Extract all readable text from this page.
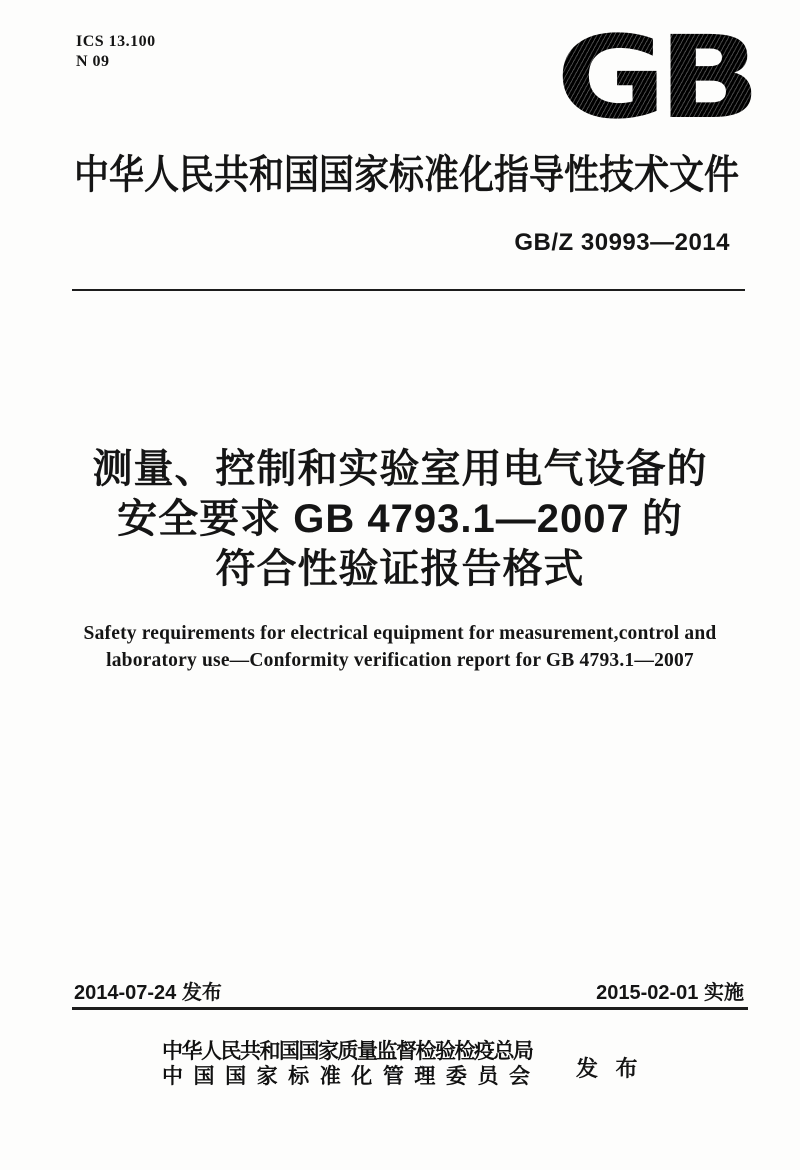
ICS 13.100
N 09	GB
中华人民共和国国家标准化指导性技术文件
GB/Z 30993—2014
测量、控制和实验室用电气设备的
安全要求 GB 4793.1—2007 的
符合性验证报告格式
Safety requirements for electrical equipment for measurement,control and
laboratory use—Conformity verification report for GB 4793.1—2007
2014-07-24 发布	2015-02-01 实施
中华人民共和国国家质量监督检验检疫总局
中国国家标准化管理委员会 发 布
